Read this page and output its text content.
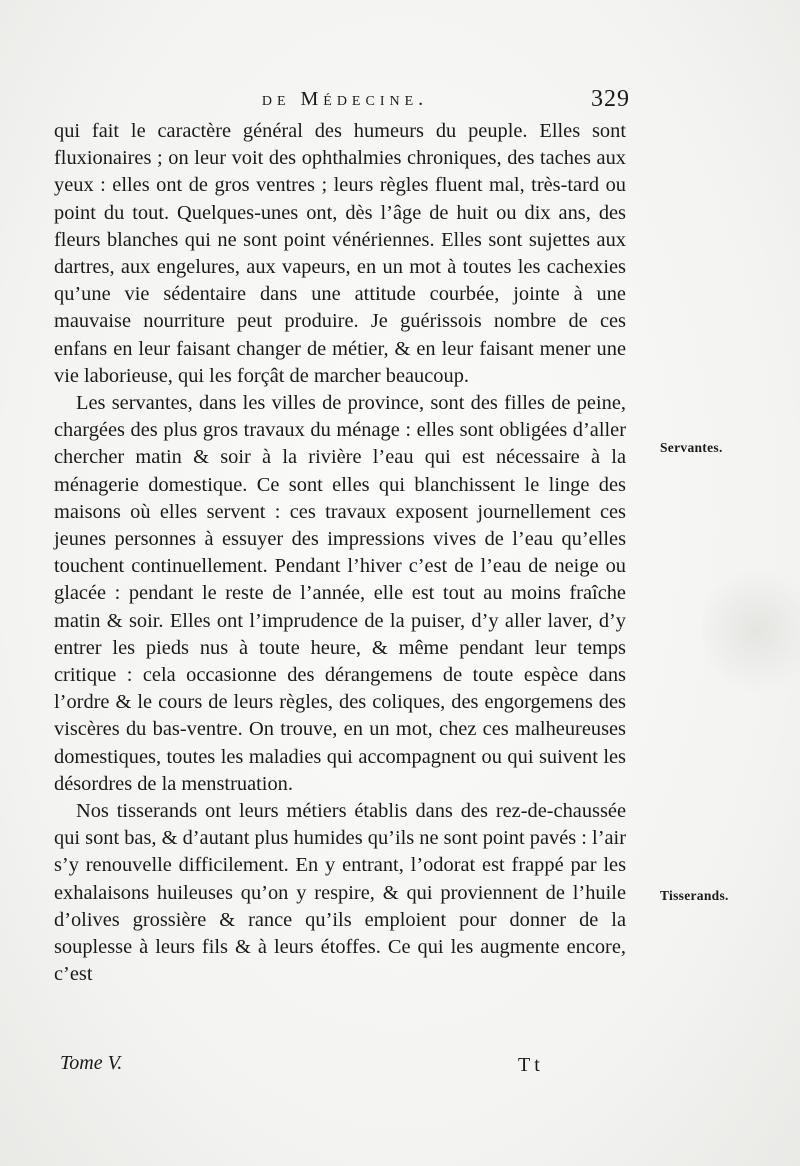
de Médecine.	329

qui fait le caractère général des humeurs du peuple. Elles sont fluxionaires ; on leur voit des ophthalmies chroniques, des taches aux yeux : elles ont de gros ventres ; leurs règles fluent mal, très-tard ou point du tout. Quelques-unes ont, dès l’âge de huit ou dix ans, des fleurs blanches qui ne sont point vénériennes. Elles sont sujettes aux dartres, aux engelures, aux vapeurs, en un mot à toutes les cachexies qu’une vie sédentaire dans une attitude courbée, jointe à une mauvaise nourriture peut produire. Je guérissois nombre de ces enfans en leur faisant changer de métier, & en leur faisant mener une vie laborieuse, qui les forçât de marcher beaucoup.

Les servantes, dans les villes de province, sont des filles de peine, chargées des plus gros travaux du ménage : elles sont obligées d’aller chercher matin & soir à la rivière l’eau qui est nécessaire à la ménagerie domestique. Ce sont elles qui blanchissent le linge des maisons où elles servent : ces travaux exposent journellement ces jeunes personnes à essuyer des impressions vives de l’eau qu’elles touchent continuellement. Pendant l’hiver c’est de l’eau de neige ou glacée : pendant le reste de l’année, elle est tout au moins fraîche matin & soir. Elles ont l’imprudence de la puiser, d’y aller laver, d’y entrer les pieds nus à toute heure, & même pendant leur temps critique : cela occasionne des dérangemens de toute espèce dans l’ordre & le cours de leurs règles, des coliques, des engorgemens des viscères du bas-ventre. On trouve, en un mot, chez ces malheureuses domestiques, toutes les maladies qui accompagnent ou qui suivent les désordres de la menstruation.

Nos tisserands ont leurs métiers établis dans des rez-de-chaussée qui sont bas, & d’autant plus humides qu’ils ne sont point pavés : l’air s’y renouvelle difficilement. En y entrant, l’odorat est frappé par les exhalaisons huileuses qu’on y respire, & qui proviennent de l’huile d’olives grossière & rance qu’ils emploient pour donner de la souplesse à leurs fils & à leurs étoffes. Ce qui les augmente encore, c’est

Servantes.
Tisserands.
Tome V.	Tt
